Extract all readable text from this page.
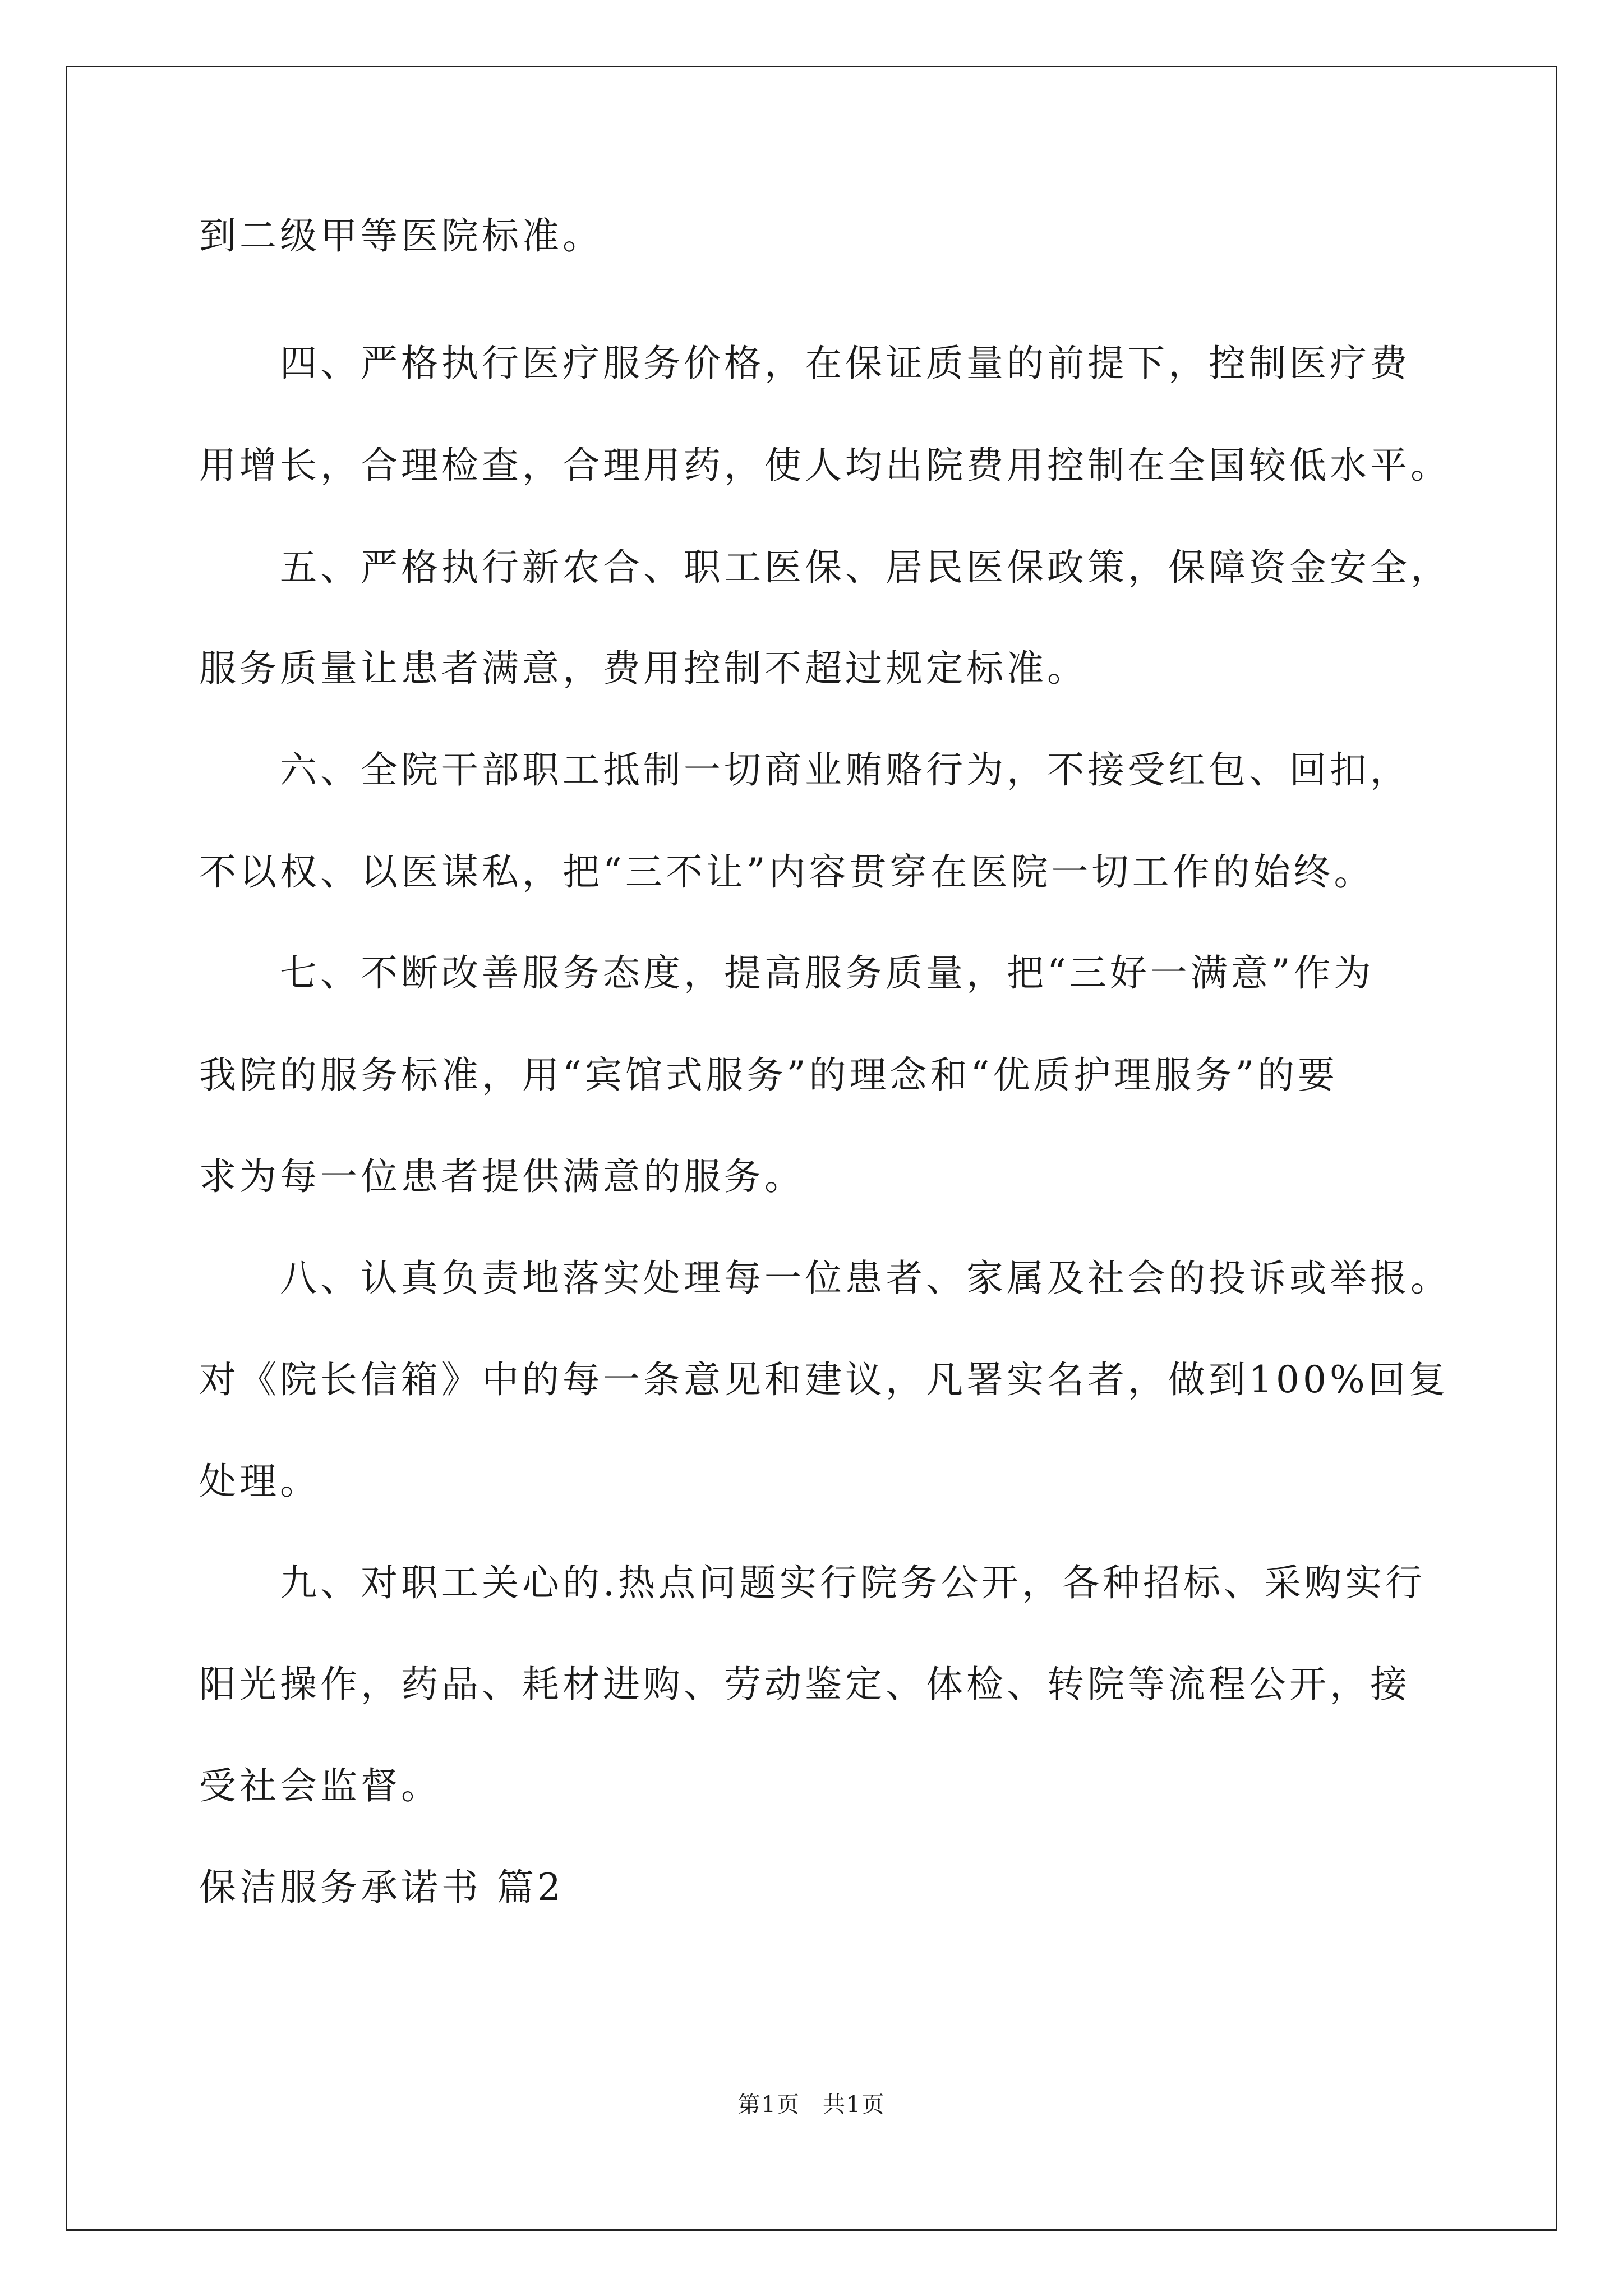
到二级甲等医院标准。
　　四、严格执行医疗服务价格，在保证质量的前提下，控制医疗费
用增长，合理检查，合理用药，使人均出院费用控制在全国较低水平。
　　五、严格执行新农合、职工医保、居民医保政策，保障资金安全，
服务质量让患者满意，费用控制不超过规定标准。
　　六、全院干部职工抵制一切商业贿赂行为，不接受红包、回扣，
不以权、以医谋私，把“三不让”内容贯穿在医院一切工作的始终。
　　七、不断改善服务态度，提高服务质量，把“三好一满意”作为
我院的服务标准，用“宾馆式服务”的理念和“优质护理服务”的要
求为每一位患者提供满意的服务。
　　八、认真负责地落实处理每一位患者、家属及社会的投诉或举报。
对《院长信箱》中的每一条意见和建议，凡署实名者，做到100%回复
处理。
　　九、对职工关心的.热点问题实行院务公开，各种招标、采购实行
阳光操作，药品、耗材进购、劳动鉴定、体检、转院等流程公开，接
受社会监督。
保洁服务承诺书 篇2
第1页 共1页
